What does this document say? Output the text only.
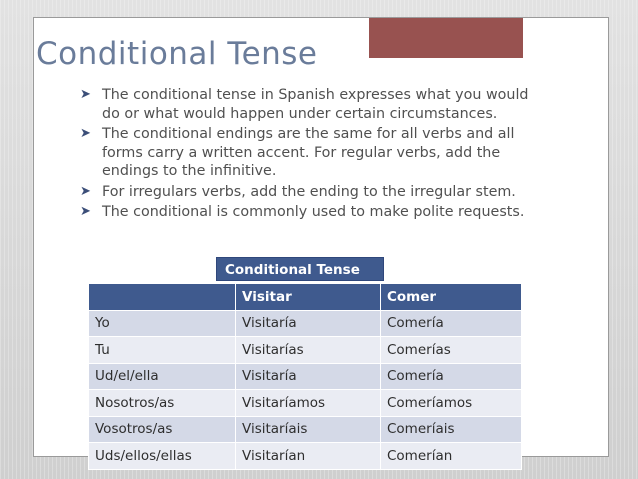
Conditional Tense
➤ The conditional tense in Spanish expresses what you would do or what would happen under certain circumstances.
➤ The conditional endings are the same for all verbs and all forms carry a written accent. For regular verbs, add the endings to the infinitive.
➤ For irregulars verbs, add the ending to the irregular stem.
➤ The conditional is commonly used to make polite requests.
Conditional Tense
	Visitar	Comer
Yo	Visitaría	Comería
Tu	Visitarías	Comerías
Ud/el/ella	Visitaría	Comería
Nosotros/as	Visitaríamos	Comeríamos
Vosotros/as	Visitaríais	Comeríais
Uds/ellos/ellas	Visitarían	Comerían
